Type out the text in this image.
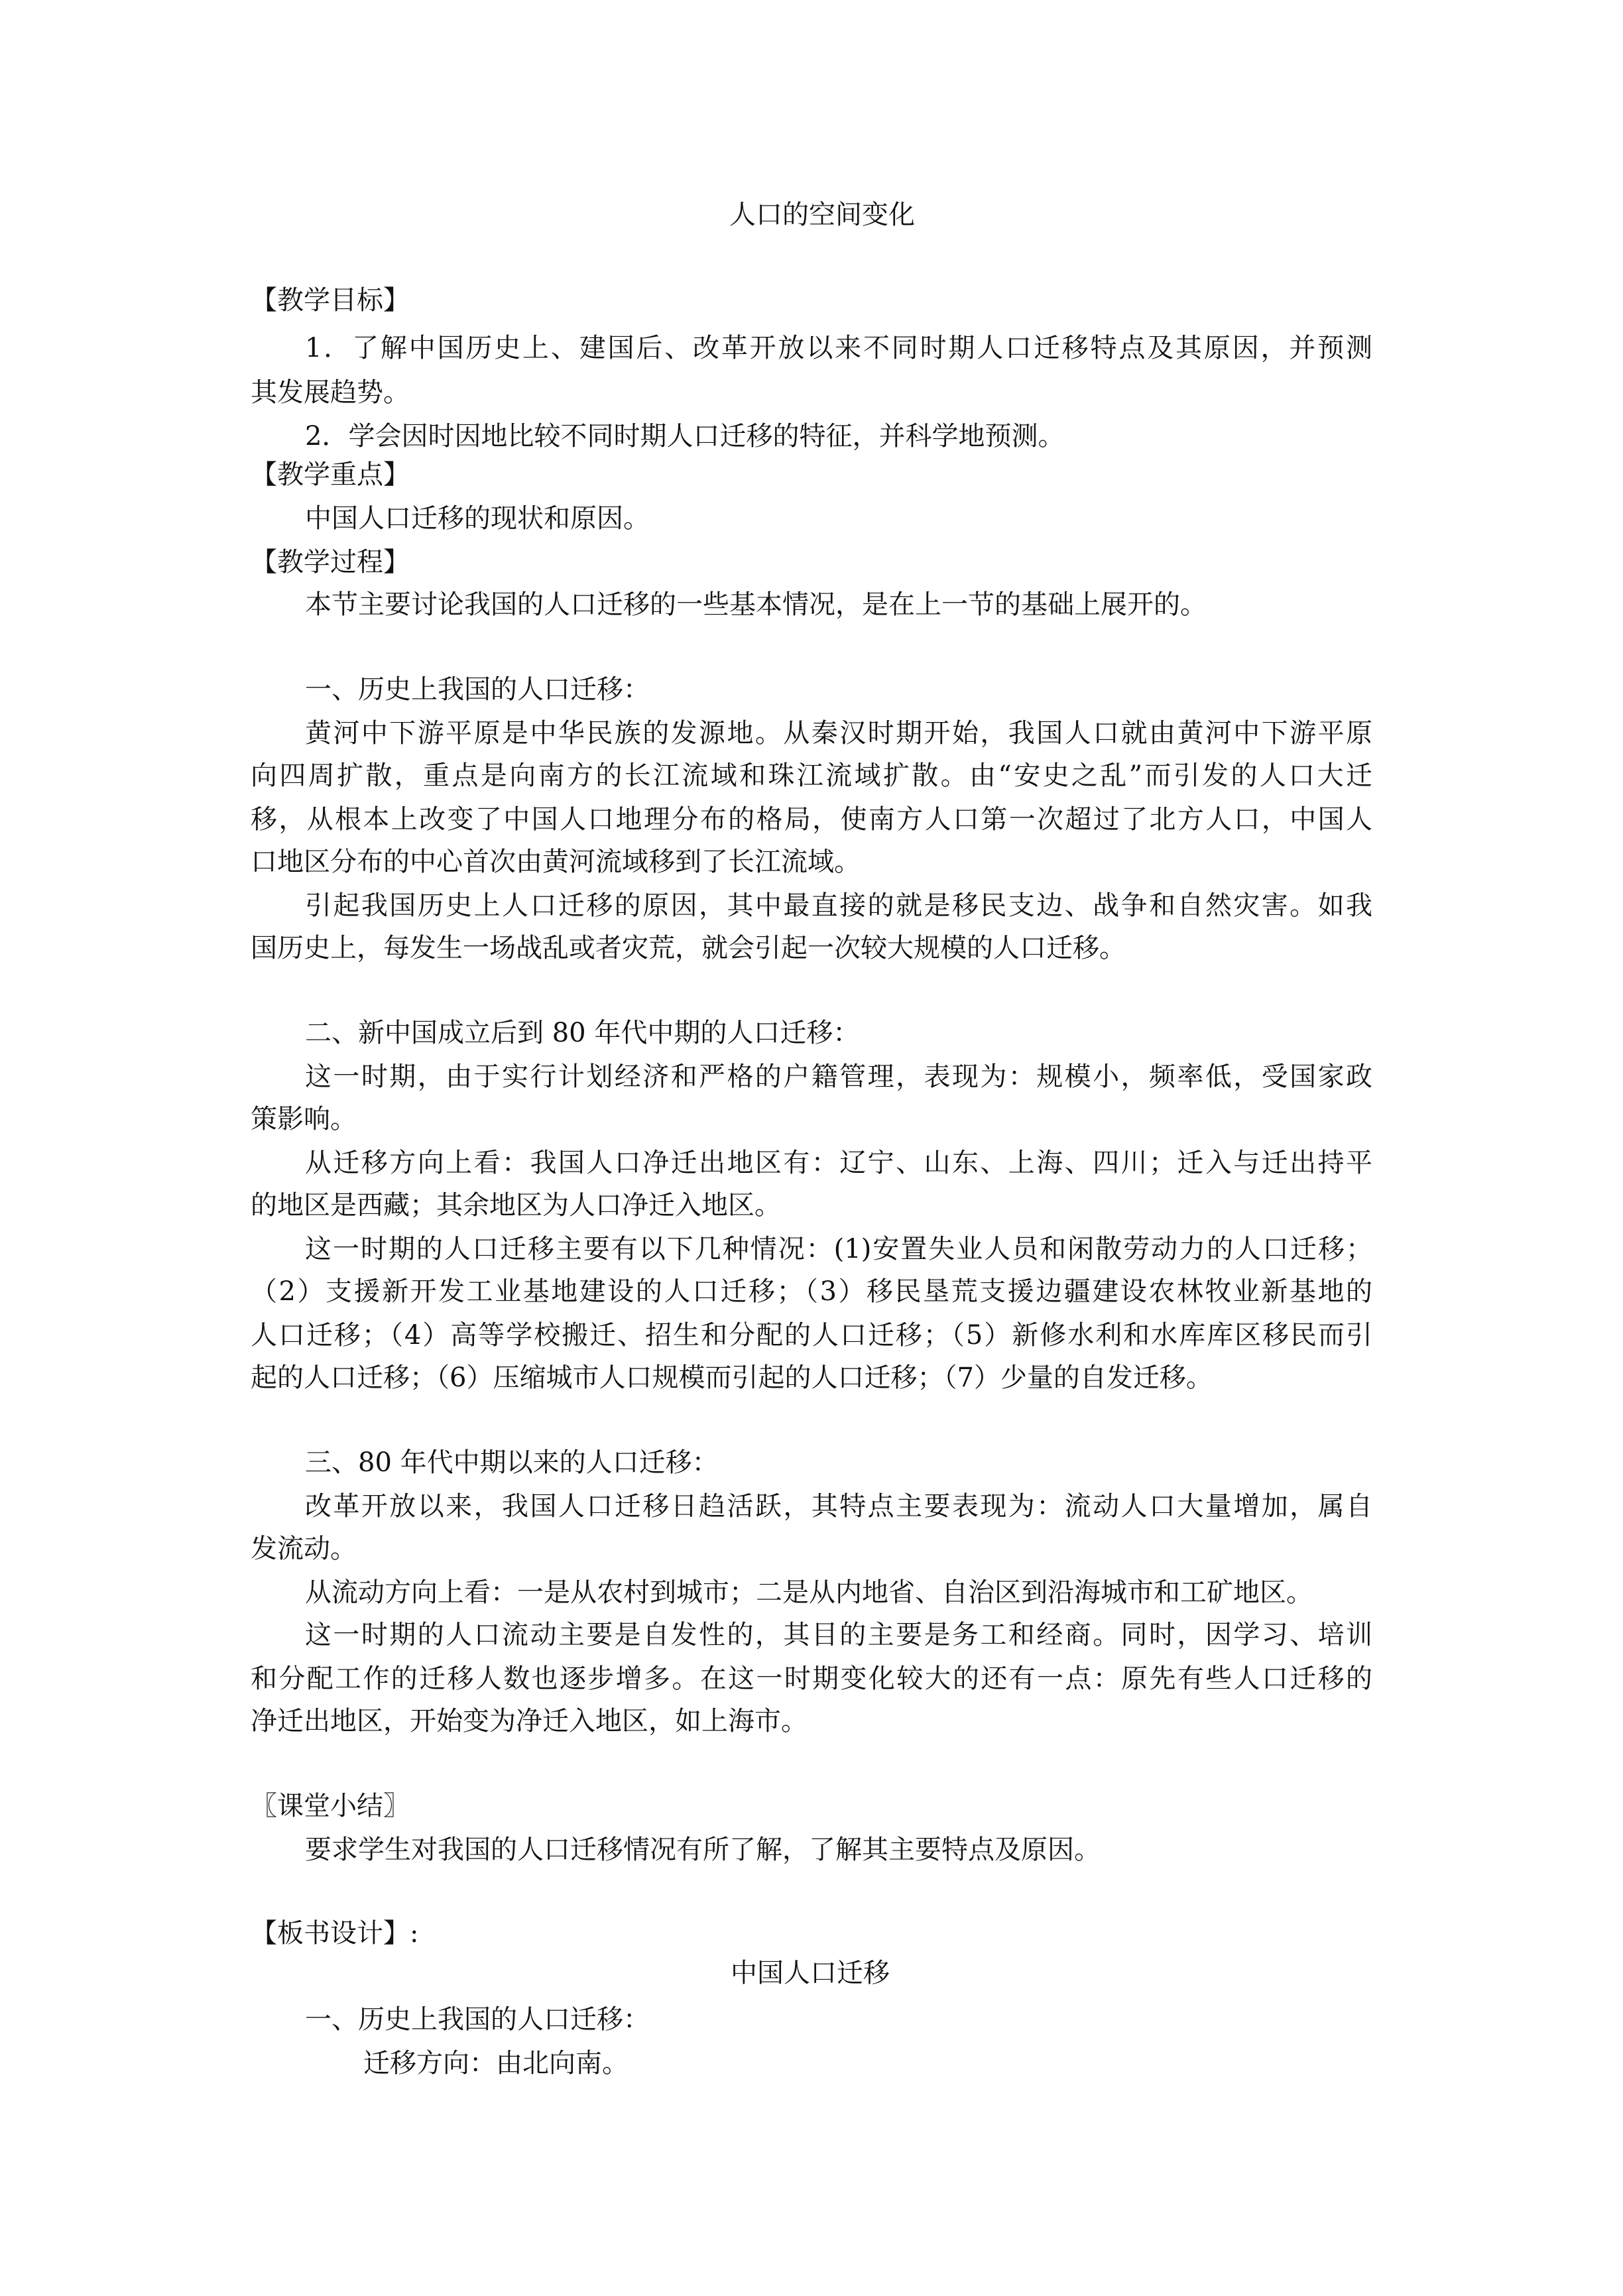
人口的空间变化

【教学目标】

1．了解中国历史上、建国后、改革开放以来不同时期人口迁移特点及其原因，并预测

其发展趋势。

2．学会因时因地比较不同时期人口迁移的特征，并科学地预测。

【教学重点】

中国人口迁移的现状和原因。

【教学过程】

本节主要讨论我国的人口迁移的一些基本情况，是在上一节的基础上展开的。

一、历史上我国的人口迁移：

黄河中下游平原是中华民族的发源地。从秦汉时期开始，我国人口就由黄河中下游平原

向四周扩散，重点是向南方的长江流域和珠江流域扩散。由“安史之乱”而引发的人口大迁

移，从根本上改变了中国人口地理分布的格局，使南方人口第一次超过了北方人口，中国人

口地区分布的中心首次由黄河流域移到了长江流域。

引起我国历史上人口迁移的原因，其中最直接的就是移民支边、战争和自然灾害。如我

国历史上，每发生一场战乱或者灾荒，就会引起一次较大规模的人口迁移。

二、新中国成立后到 80 年代中期的人口迁移：

这一时期，由于实行计划经济和严格的户籍管理，表现为：规模小，频率低，受国家政

策影响。

从迁移方向上看：我国人口净迁出地区有：辽宁、山东、上海、四川；迁入与迁出持平

的地区是西藏；其余地区为人口净迁入地区。

这一时期的人口迁移主要有以下几种情况：(1)安置失业人员和闲散劳动力的人口迁移；

（2）支援新开发工业基地建设的人口迁移；（3）移民垦荒支援边疆建设农林牧业新基地的

人口迁移；（4）高等学校搬迁、招生和分配的人口迁移；（5）新修水利和水库库区移民而引

起的人口迁移；（6）压缩城市人口规模而引起的人口迁移；（7）少量的自发迁移。

三、80 年代中期以来的人口迁移：

改革开放以来，我国人口迁移日趋活跃，其特点主要表现为：流动人口大量增加，属自

发流动。

从流动方向上看：一是从农村到城市；二是从内地省、自治区到沿海城市和工矿地区。

这一时期的人口流动主要是自发性的，其目的主要是务工和经商。同时，因学习、培训

和分配工作的迁移人数也逐步增多。在这一时期变化较大的还有一点：原先有些人口迁移的

净迁出地区，开始变为净迁入地区，如上海市。

〖课堂小结〗

要求学生对我国的人口迁移情况有所了解，了解其主要特点及原因。

【板书设计】:

中国人口迁移

一、历史上我国的人口迁移：

迁移方向：由北向南。
